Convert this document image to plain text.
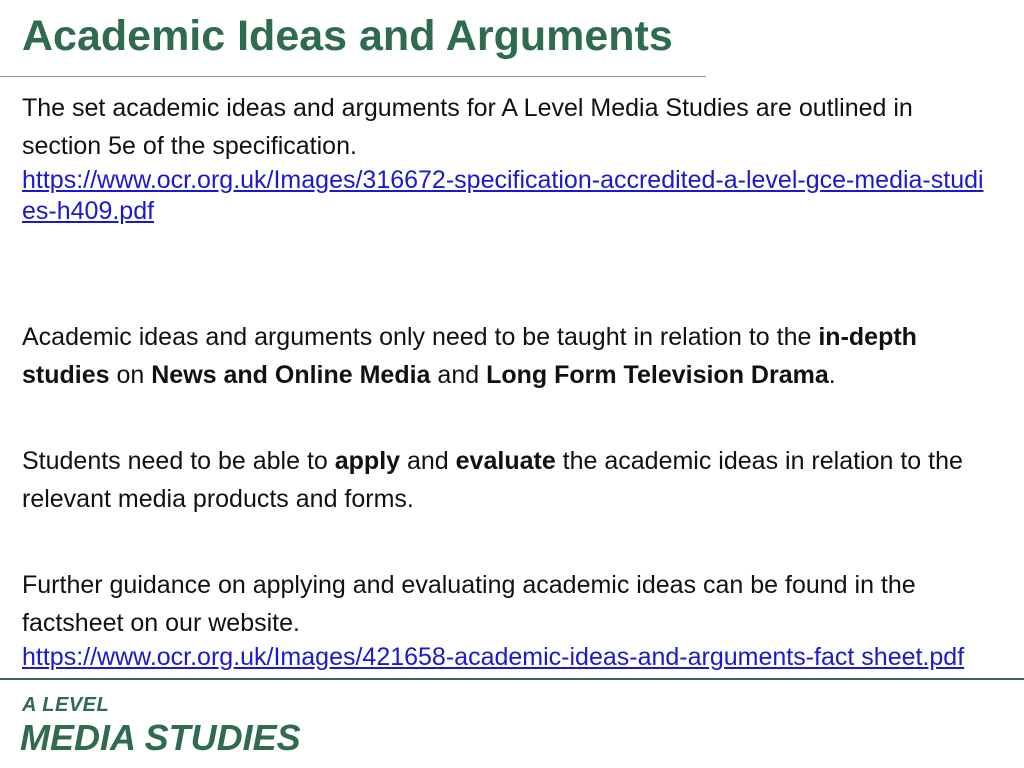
Academic Ideas and Arguments

The set academic ideas and arguments for A Level Media Studies are outlined in section 5e of the specification.
https://www.ocr.org.uk/Images/316672-specification-accredited-a-level-gce-media-studies-h409.pdf

Academic ideas and arguments only need to be taught in relation to the in-depth studies on News and Online Media and Long Form Television Drama.

Students need to be able to apply and evaluate the academic ideas in relation to the relevant media products and forms.

Further guidance on applying and evaluating academic ideas can be found in the factsheet on our website.
https://www.ocr.org.uk/Images/421658-academic-ideas-and-arguments-fact sheet.pdf

A LEVEL
MEDIA STUDIES
